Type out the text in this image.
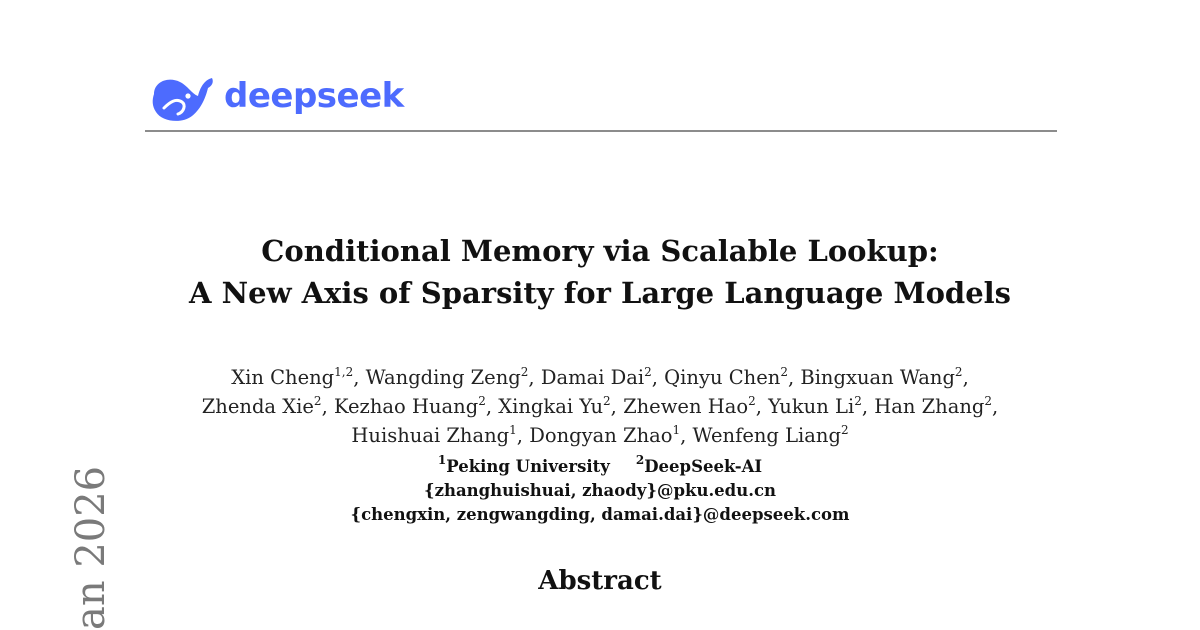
deepseek
Conditional Memory via Scalable Lookup:
A New Axis of Sparsity for Large Language Models
Xin Cheng$^{1,2}$, Wangding Zeng$^2$, Damai Dai$^2$, Qinyu Chen$^2$, Bingxuan Wang$^2$,
Zhenda Xie$^2$, Kezhao Huang$^2$, Xingkai Yu$^2$, Zhewen Hao$^2$, Yukun Li$^2$, Han Zhang$^2$,
Huishuai Zhang$^1$, Dongyan Zhao$^1$, Wenfeng Liang$^2$
$^1$Peking University $^2$DeepSeek-AI
{zhanghuishuai, zhaody}@pku.edu.cn
{chengxin, zengwangding, damai.dai}@deepseek.com
Abstract
an 2026
